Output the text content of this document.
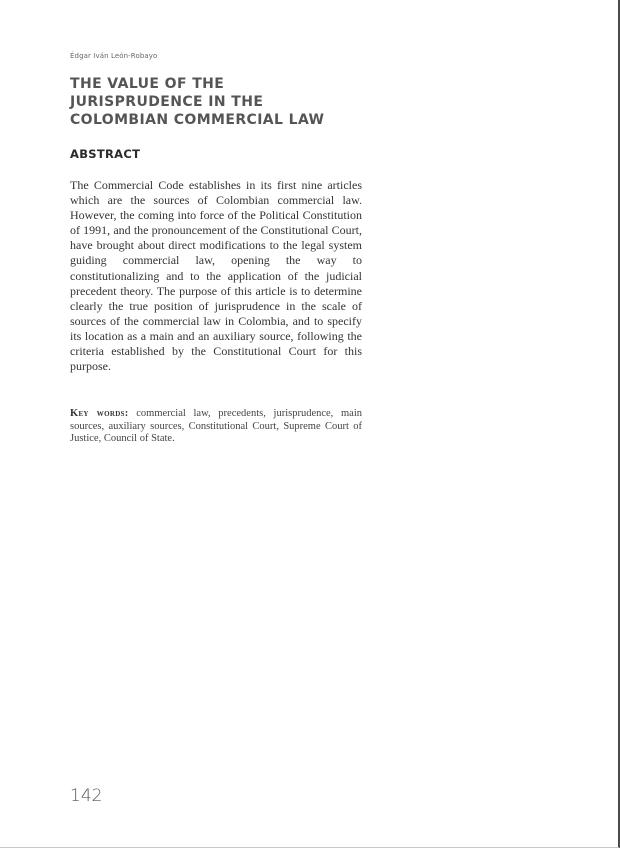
Édgar Iván León-Robayo
THE VALUE OF THE
JURISPRUDENCE IN THE
COLOMBIAN COMMERCIAL LAW
ABSTRACT

The Commercial Code establishes in its first nine articles which are the sources of Colombian commercial law. However, the coming into force of the Political Constitution of 1991, and the pronouncement of the Constitutional Court, have brought about direct modifications to the legal system guiding commercial law, opening the way to constitutionalizing and to the application of the judicial precedent theory. The purpose of this article is to determine clearly the true position of jurisprudence in the scale of sources of the commercial law in Colombia, and to specify its location as a main and an auxiliary source, following the criteria established by the Constitutional Court for this purpose.

Key words: commercial law, precedents, jurisprudence, main sources, auxiliary sources, Constitutional Court, Supreme Court of Justice, Council of State.

142
